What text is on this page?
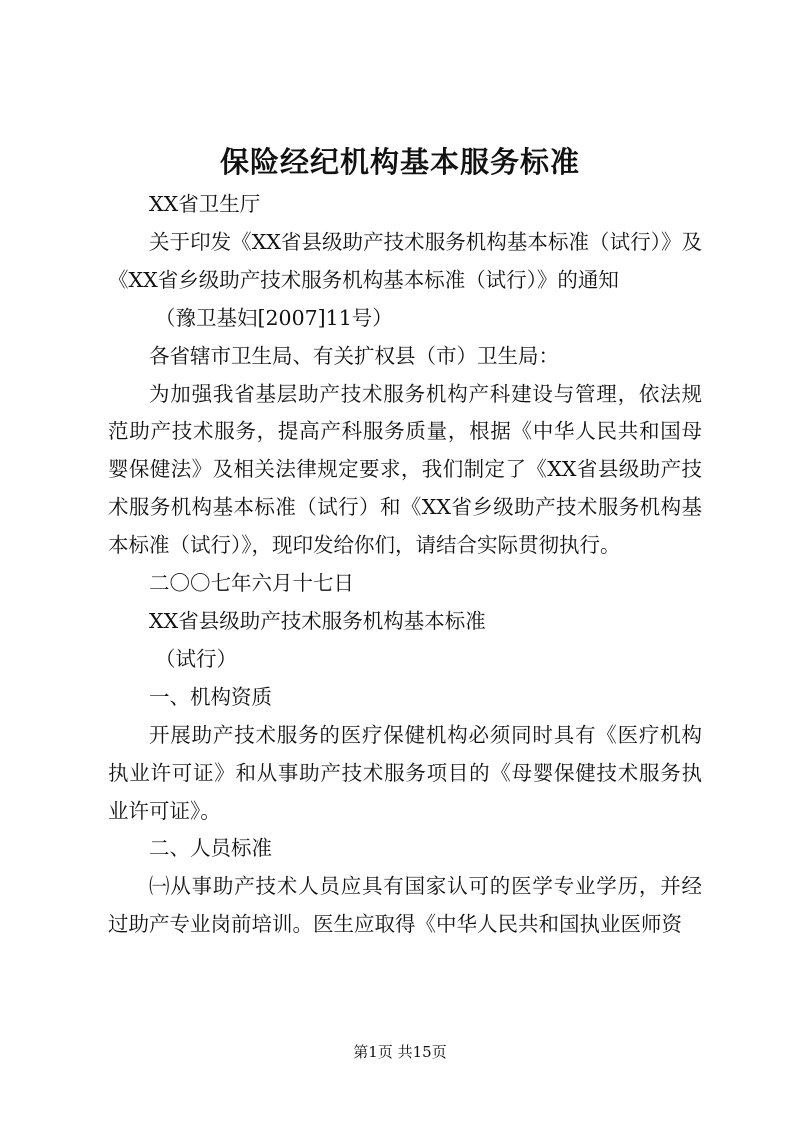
保险经纪机构基本服务标准

XX省卫生厅

关于印发《XX省县级助产技术服务机构基本标准（试行）》及《XX省乡级助产技术服务机构基本标准（试行）》的通知

（豫卫基妇[2007]11号）

各省辖市卫生局、有关扩权县（市）卫生局：

为加强我省基层助产技术服务机构产科建设与管理，依法规范助产技术服务，提高产科服务质量，根据《中华人民共和国母婴保健法》及相关法律规定要求，我们制定了《XX省县级助产技术服务机构基本标准（试行）和《XX省乡级助产技术服务机构基本标准（试行）》，现印发给你们，请结合实际贯彻执行。

二〇〇七年六月十七日

XX省县级助产技术服务机构基本标准

（试行）

一、机构资质

开展助产技术服务的医疗保健机构必须同时具有《医疗机构执业许可证》和从事助产技术服务项目的《母婴保健技术服务执业许可证》。

二、人员标准

㈠从事助产技术人员应具有国家认可的医学专业学历，并经过助产专业岗前培训。医生应取得《中华人民共和国执业医师资

第1页 共15页
